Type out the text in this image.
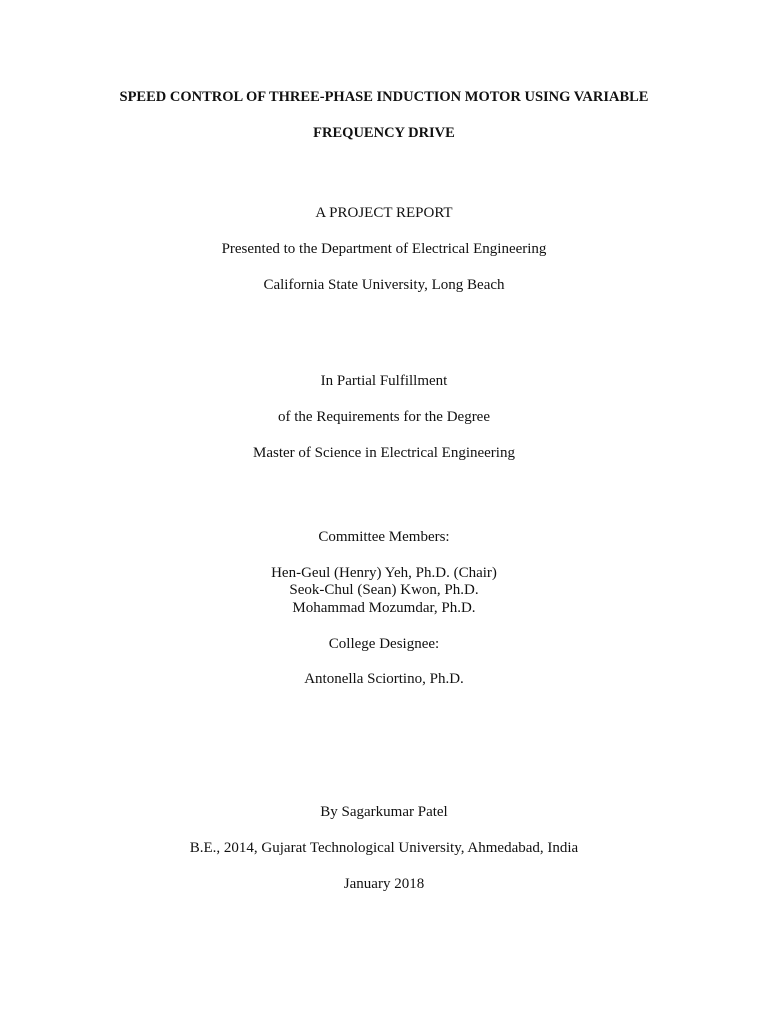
SPEED CONTROL OF THREE-PHASE INDUCTION MOTOR USING VARIABLE
FREQUENCY DRIVE
A PROJECT REPORT
Presented to the Department of Electrical Engineering
California State University, Long Beach
In Partial Fulfillment
of the Requirements for the Degree
Master of Science in Electrical Engineering
Committee Members:
Hen-Geul (Henry) Yeh, Ph.D. (Chair)
Seok-Chul (Sean) Kwon, Ph.D.
Mohammad Mozumdar, Ph.D.
College Designee:
Antonella Sciortino, Ph.D.
By Sagarkumar Patel
B.E., 2014, Gujarat Technological University, Ahmedabad, India
January 2018
